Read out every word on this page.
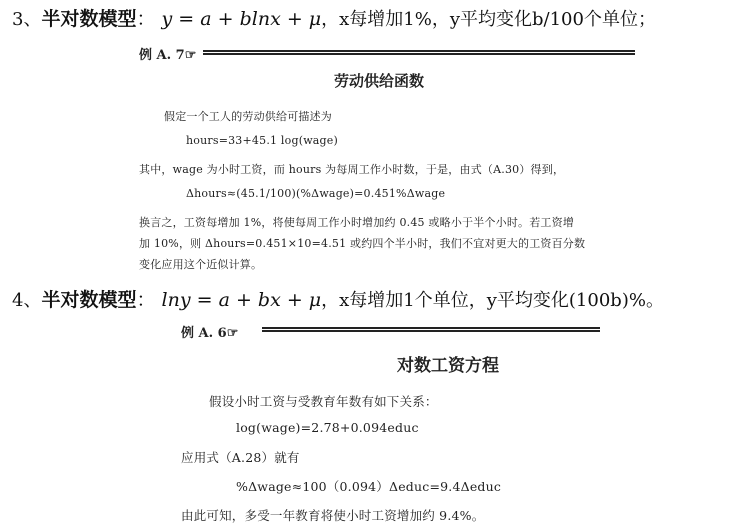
3、半对数模型： y = a + blnx + μ，x每增加1%，y平均变化b/100个单位；
例 A. 7☞
劳动供给函数
假定一个工人的劳动供给可描述为
hours=33+45.1 log(wage)
其中，wage 为小时工资，而 hours 为每周工作小时数，于是，由式（A.30）得到，
Δhours≈(45.1/100)(%Δwage)=0.451%Δwage
换言之，工资每增加 1%，将使每周工作小时增加约 0.45 或略小于半个小时。若工资增
加 10%，则 Δhours=0.451×10=4.51 或约四个半小时，我们不宜对更大的工资百分数
变化应用这个近似计算。
4、半对数模型： lny = a + bx + μ，x每增加1个单位，y平均变化(100b)%。
例 A. 6☞
对数工资方程
假设小时工资与受教育年数有如下关系：
log(wage)=2.78+0.094educ
应用式（A.28）就有
%Δwage≈100（0.094）Δeduc=9.4Δeduc
由此可知，多受一年教育将使小时工资增加约 9.4%。
